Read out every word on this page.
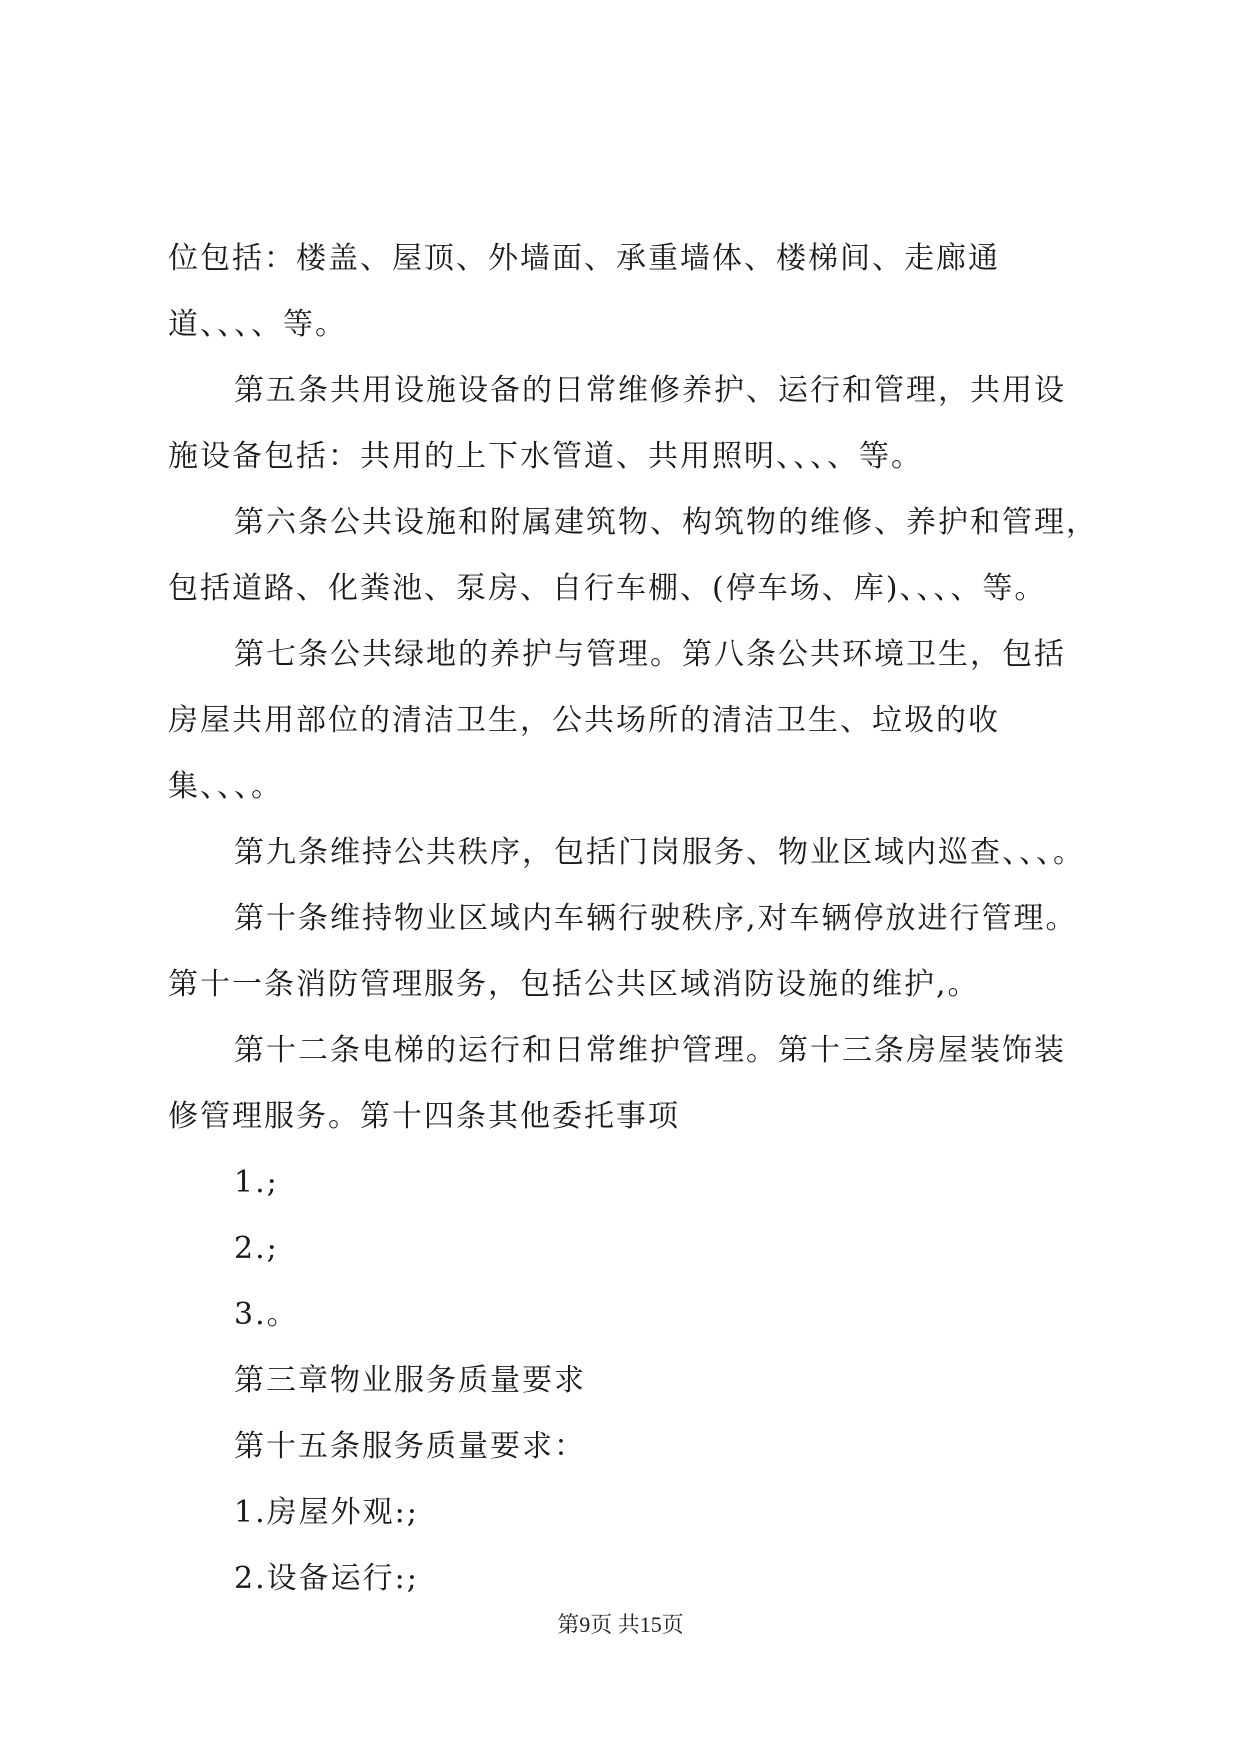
位包括：楼盖、屋顶、外墙面、承重墙体、楼梯间、走廊通
道、、、、等。
第五条共用设施设备的日常维修养护、运行和管理，共用设
施设备包括：共用的上下水管道、共用照明、、、、等。
第六条公共设施和附属建筑物、构筑物的维修、养护和管理，
包括道路、化粪池、泵房、自行车棚、(停车场、库)、、、、等。
第七条公共绿地的养护与管理。第八条公共环境卫生，包括
房屋共用部位的清洁卫生，公共场所的清洁卫生、垃圾的收
集、、、。
第九条维持公共秩序，包括门岗服务、物业区域内巡查、、、。
第十条维持物业区域内车辆行驶秩序,对车辆停放进行管理。
第十一条消防管理服务，包括公共区域消防设施的维护,。
第十二条电梯的运行和日常维护管理。第十三条房屋装饰装
修管理服务。第十四条其他委托事项
1.;
2.;
3.。
第三章物业服务质量要求
第十五条服务质量要求：
1.房屋外观:;
2.设备运行:;
第9页 共15页
